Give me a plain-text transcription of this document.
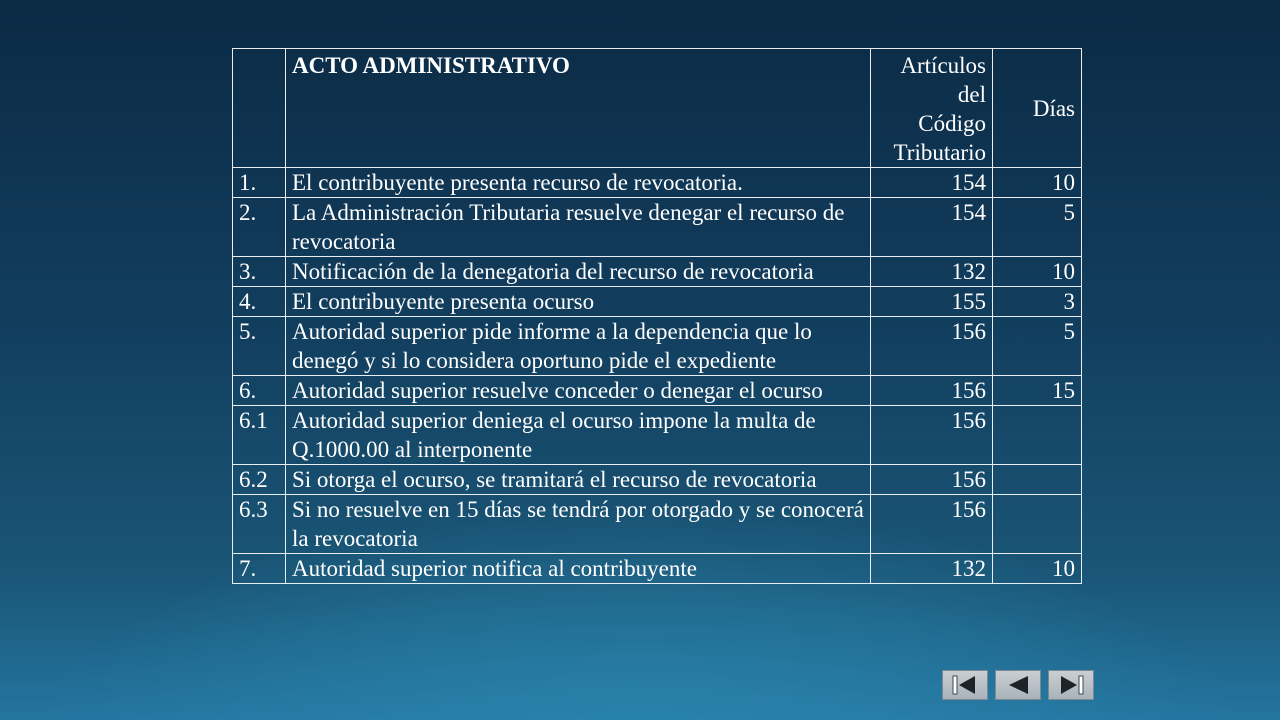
	ACTO ADMINISTRATIVO	Artículos
del
Código
Tributario	Días
1.	El contribuyente presenta recurso de revocatoria.	154	10
2.	La Administración Tributaria resuelve denegar el recurso de revocatoria	154	5
3.	Notificación de la denegatoria del recurso de revocatoria	132	10
4.	El contribuyente presenta ocurso	155	3
5.	Autoridad superior pide informe a la dependencia que lo denegó y si lo considera oportuno pide el expediente	156	5
6.	Autoridad superior resuelve conceder o denegar el ocurso	156	15
6.1	Autoridad superior deniega el ocurso impone la multa de Q.1000.00 al interponente	156	
6.2	Si otorga el ocurso, se tramitará el recurso de revocatoria	156	
6.3	Si no resuelve en 15 días se tendrá por otorgado y se conocerá la revocatoria	156	
7.	Autoridad superior notifica al contribuyente	132	10
